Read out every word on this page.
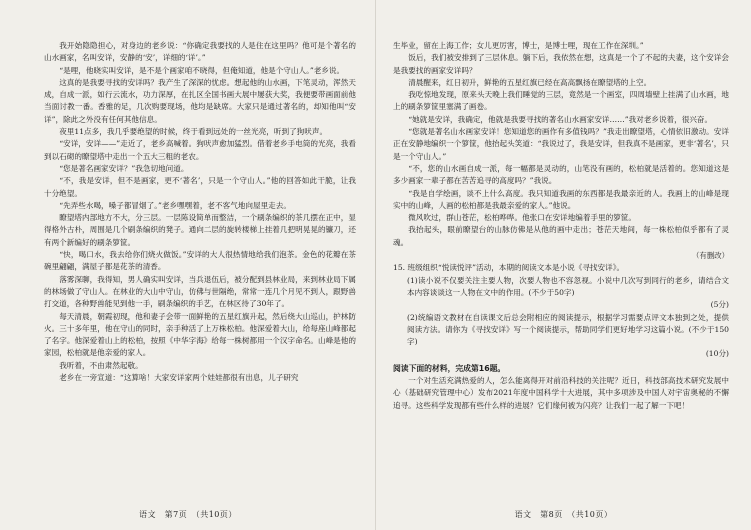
我开始隐隐担心，对身边的老乡说：“你确定我要找的人是住在这里吗？他可是个著名的山水画家，名叫安详，安静的‘安’，详细的‘详’。”

“是哩，他晓实叫安详，是不是个画家咱不晓得，但俺知道，他是个守山人。”老乡说。

这真的是我要寻找的安详吗？我产生了深深的忧虑。想起他的山水画，下笔灵动，浑然天成，自成一派，如行云流水，功力深厚，在扎区全国书画大展中屡获大奖，我便要带画面前他当面讨教一番。香雅的足，几次购要现场，他均是缺席。大家只是通过著名的，却知他叫“安详”，除此之外没有任何其他信息。

夜里11点多，我几乎要绝望的时候，终于看到远处的一丝光亮，听到了狗吠声。

“安详，安详——”走近了，老乡高喊着。狗吠声愈加猛烈。借着老乡手电筒的光亮，我看到以石砌的瞭望塔中走出一个五大三粗的老农。

“您是著名画家安详？”我急切地问道。

“不，我是安详，但不是画家，更不‘著名’，只是一个守山人。”他的回答如此干脆，让我十分绝望。

“先弄些水喝，嗓子都冒烟了。”老乡嘿嘿着，老不客气地向屋里走去。

瞭望塔内部地方不大，分三层。一层陈设简单而整洁，一个刷条编织的茶几摆在正中，显得格外古朴，周围是几个刷条编织的凳子。通向二层的旋转楼梯上挂着几把明晃晃的镰刀，还有两个新编好的刷条箩筐。

“快，喝口水，我去给你们烧火做饭。”安详的大人很热情地给我们泡茶。金色的花瓣在茶碗里翩翩，满屋子都是花茶的清香。

落雾深聊，我得知，男人确实叫安详，当兵退伍后，被分配到县林业局，来到林业局下属的林场做了守山人。在林业的大山中守山，仿佛与世隔绝，常常一连几个月见不到人，跟野兽打交道，各种野兽能见到他一手，刷条编织的手艺，在林区待了30年了。

每天清晨，朝霞初现，他和妻子会带一面鲜艳的五星红旗升起，然后绕大山巡山，护林防火。三十多年里，他在守山的同时，亲手种活了上万株松柏。他深爱着大山，给每座山峰都起了名字。他深爱着山上的松柏，按照《中华字海》给每一株树都用一个汉字命名。山峰是他的家园，松柏就是他亲爱的家人。

我听着，不由肃然起敬。

老乡在一旁宣道：“这算啥！大家安详家两个娃娃都很有出息，儿子研究

语文　第7页　（共10页）

生毕业，留在上海工作；女儿更厉害，博士，是博士哩，现在工作在深圳。”

饭后，我们被安排到了三层休息。躺下后，我依然在想，这真是一个了不起的夫妻，这个安详会是我要找的画家安详吗？

清晨醒来，红日初升，鲜艳的五星红旗已经在高高飘扬在瞭望塔的上空。

我吃惊地发现，原来头天晚上我们睡觉的三层，竟然是一个画室，四周墙壁上挂满了山水画，地上的刷条箩筐里塞满了画卷。

“她就是安详，我确定，他就是我要寻找的著名山水画家安详……”我对老乡说着，很兴奋。

“您就是著名山水画家安详！您知道您的画作有多值钱吗？”我走出瞭望塔，心情依旧激动。安详正在安静地编织一个箩筐，他抬起头笑道：“我说过了，我是安详，但我真不是画家，更非‘著名’，只是一个守山人。”

“不，您的山水画自成一派，每一幅都是灵动的，山笔没有画的，松柏就是活着的。您知道这是多少画家一辈子都在苦苦追寻的高度吗？”我说。

“我是自学绘画，谈不上什么高度。我只知道我画的东西都是我最亲近的人。我画上的山峰是现实中的山峰，人画的松柏都是我最亲爱的家人。”他说。

微风吹过，群山苍茫，松柏哗哗。他张口在安详地编着手里的箩筐。

我抬起头，眼前瞭望台的山脉仿佛是从他的画中走出；苍茫天地间，每一株松柏似乎都有了灵魂。

（有删改）

15. 班级组织“悦读悦评”活动，本期的阅读文本是小说《寻找安详》。

(1)读小说不仅要关注主要人物，次要人物也不容忽视。小说中几次写到同行的老乡，请结合文本内容谈谈这一人物在文中的作用。(不少于50字)

(5分)

(2)统编语文教材在自读课文后总会附相应的阅读提示，根据学习需要点评文本独到之处，提供阅读方法。请你为《寻找安详》写一个阅读提示，帮助同学们更好地学习这篇小说。(不少于150字)

(10分)

阅读下面的材料，完成第16题。

一个对生活充满热爱的人，怎么能离得开对前沿科技的关注呢？近日，科技部高技术研究发展中心（基础研究管理中心）发布2021年度中国科学十大进展，其中多项涉及中国人对宇宙奥秘的不懈追寻。这些科学发现都有些什么样的进展？它们缘何被为闪亮？让我们一起了解一下吧！

语文　第8页　（共10页）
